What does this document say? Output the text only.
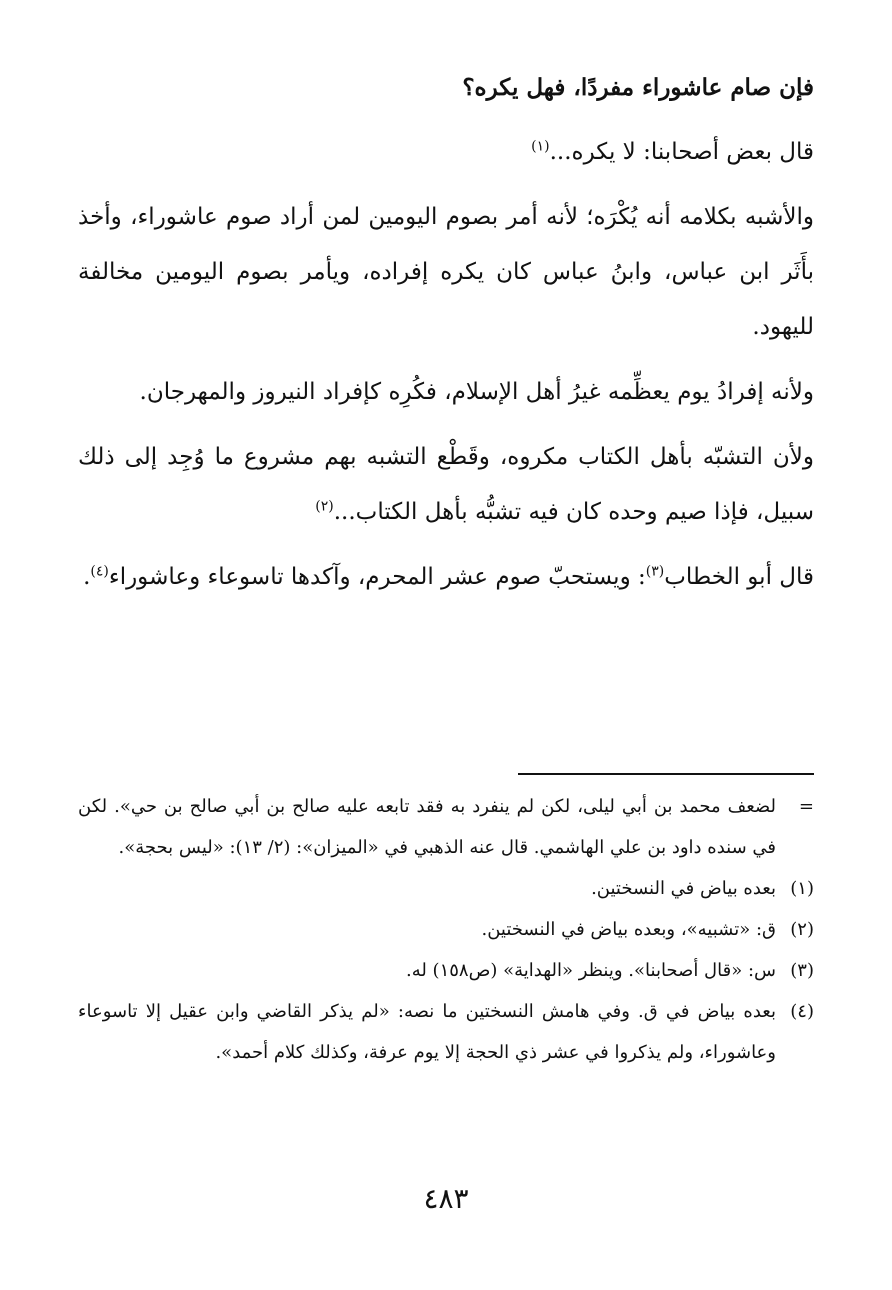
فإن صام عاشوراء مفردًا، فهل يكره؟

قال بعض أصحابنا: لا يكره...$^{(١)}$

والأشبه بكلامه أنه يُكْرَه؛ لأنه أمر بصوم اليومين لمن أراد صوم عاشوراء، وأخذ بأَثَر ابن عباس، وابنُ عباس كان يكره إفراده، ويأمر بصوم اليومين مخالفة لليهود.

ولأنه إفرادُ يوم يعظِّمه غيرُ أهل الإسلام، فكُرِه كإفراد النيروز والمهرجان.

ولأن التشبّه بأهل الكتاب مكروه، وقَطْع التشبه بهم مشروع ما وُجِد إلى ذلك سبيل، فإذا صيم وحده كان فيه تشبُّه بأهل الكتاب...$^{(٢)}$

قال أبو الخطاب$^{(٣)}$: ويستحبّ صوم عشر المحرم، وآكدها تاسوعاء وعاشوراء$^{(٤)}$.

=
لضعف محمد بن أبي ليلى، لكن لم ينفرد به فقد تابعه عليه صالح بن أبي صالح بن حي». لكن في سنده داود بن علي الهاشمي. قال عنه الذهبي في «الميزان»: (٢/ ١٣): «ليس بحجة».
(١)
بعده بياض في النسختين.
(٢)
ق: «تشبيه»، وبعده بياض في النسختين.
(٣)
س: «قال أصحابنا». وينظر «الهداية» (ص١٥٨) له.
(٤)
بعده بياض في ق. وفي هامش النسختين ما نصه: «لم يذكر القاضي وابن عقيل إلا تاسوعاء وعاشوراء، ولم يذكروا في عشر ذي الحجة إلا يوم عرفة، وكذلك كلام أحمد».
٤٨٣
